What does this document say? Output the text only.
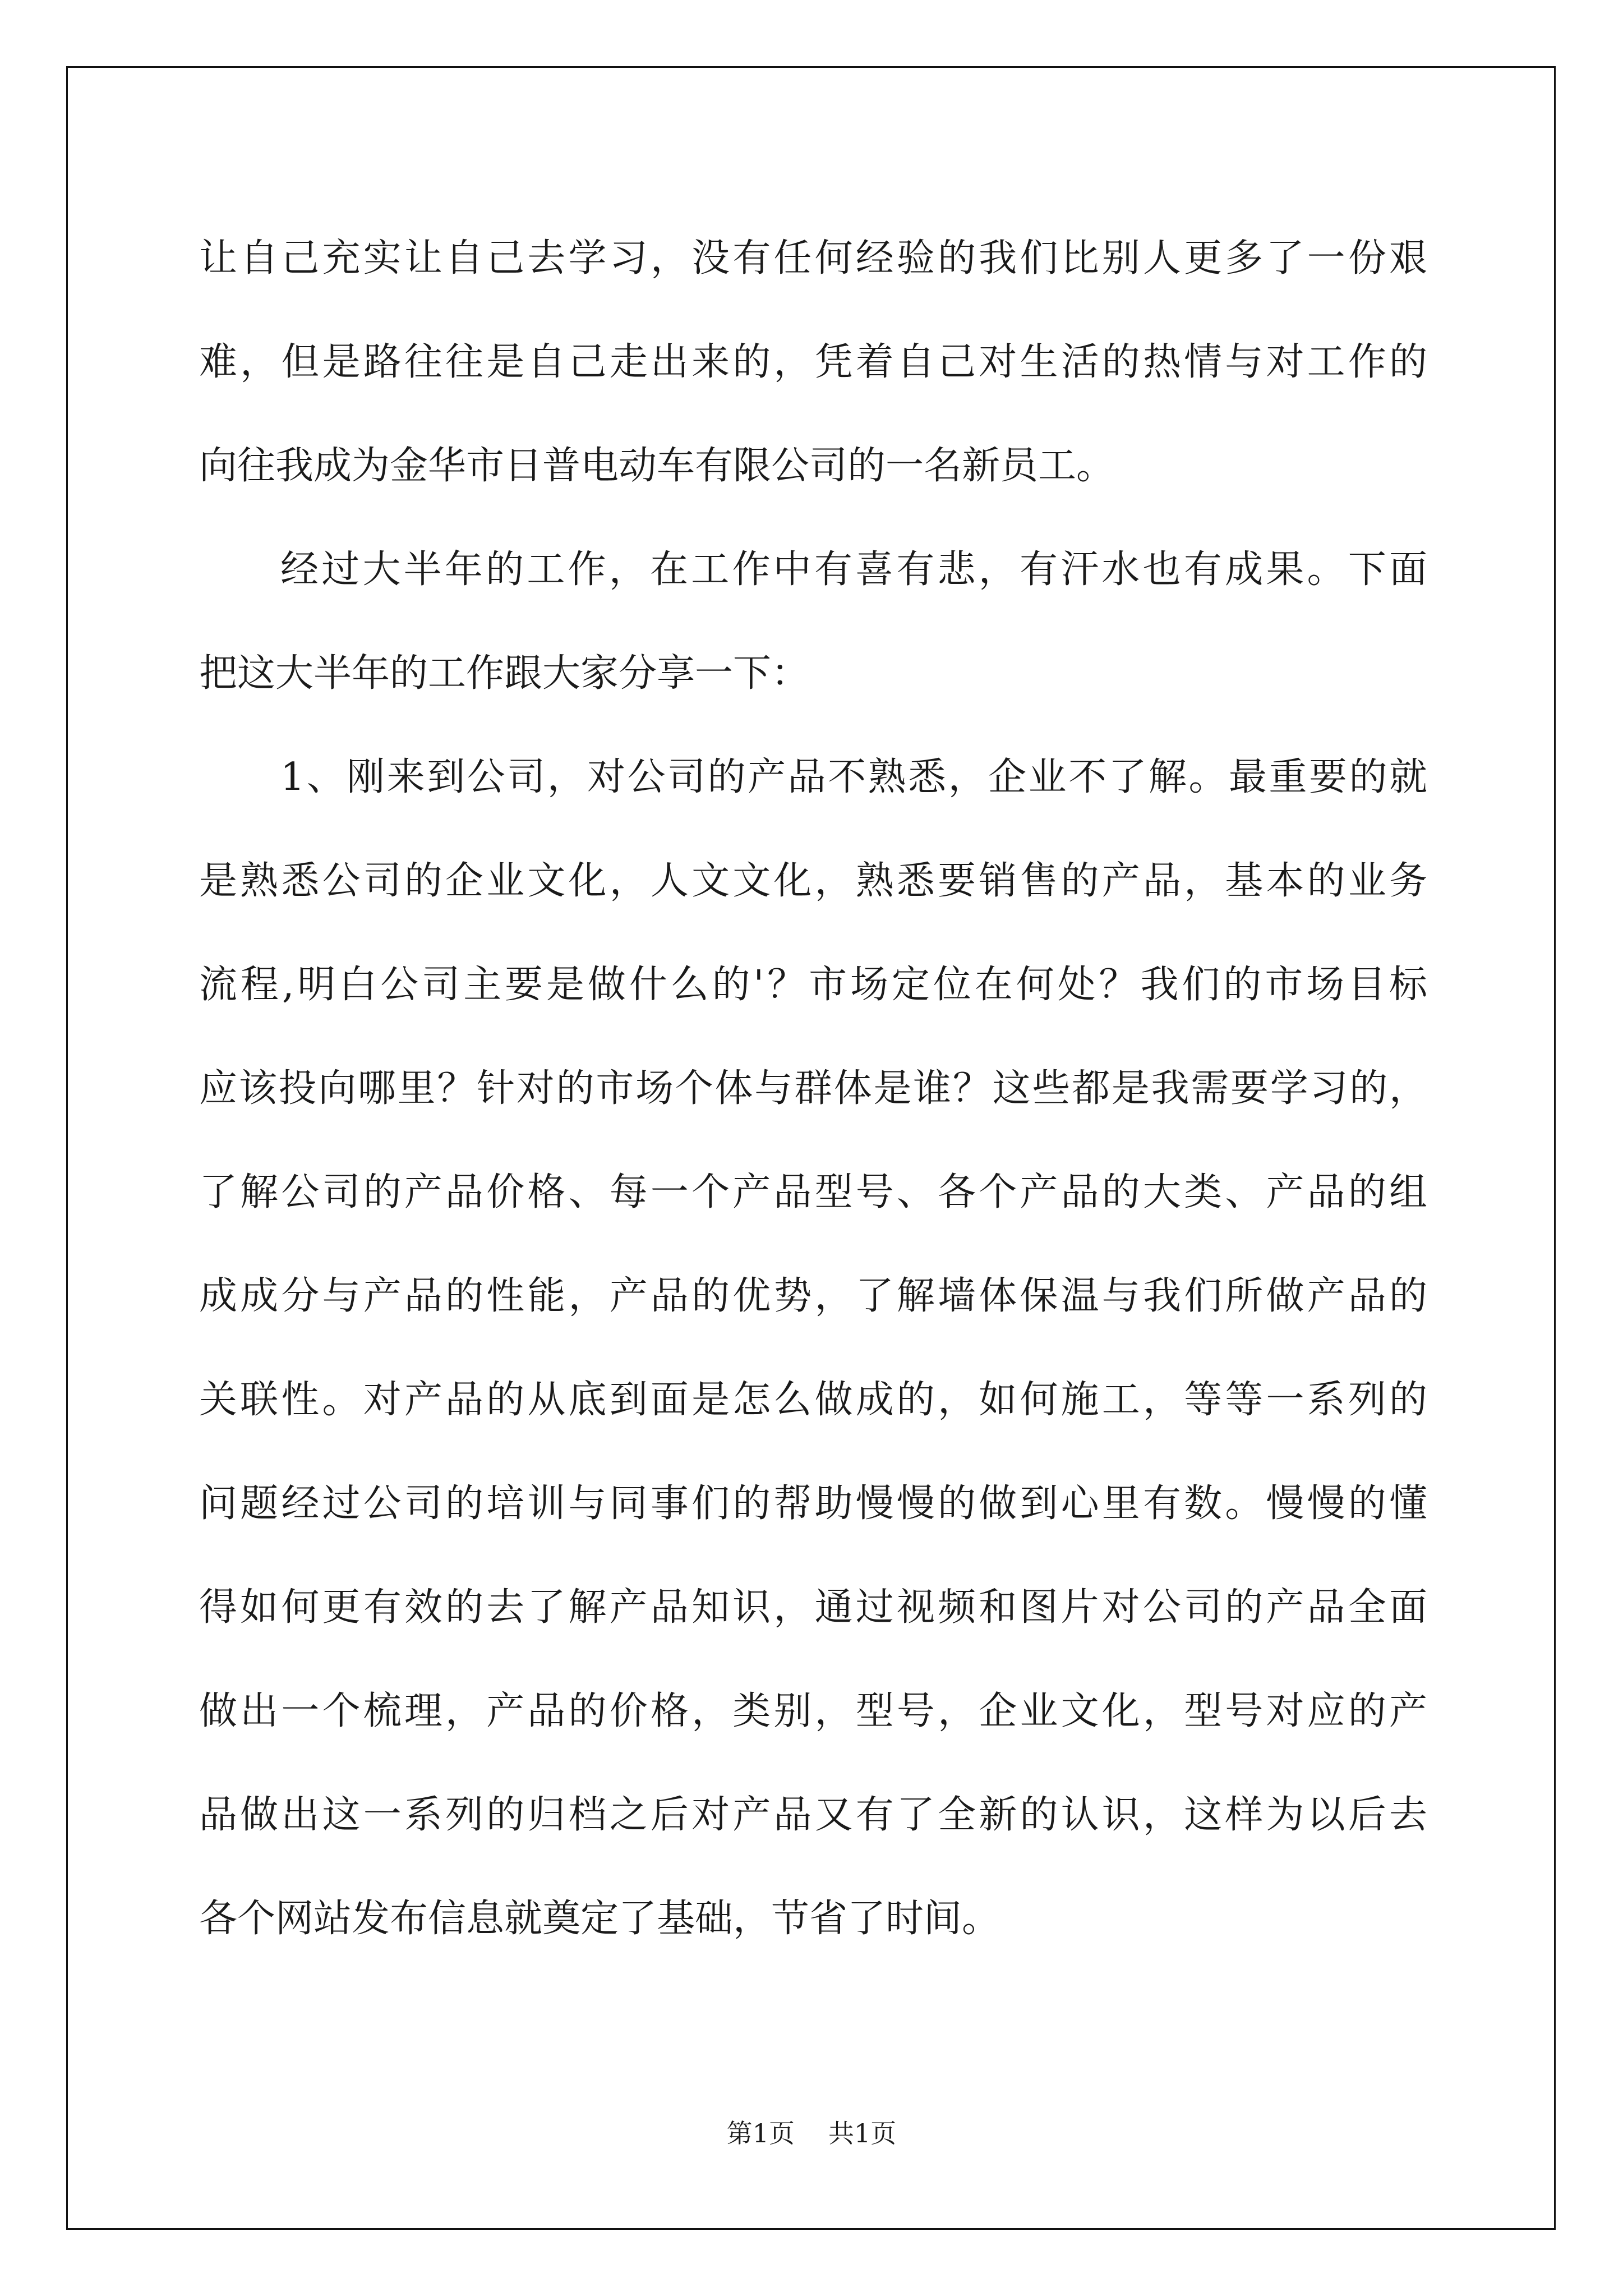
让自己充实让自己去学习，没有任何经验的我们比别人更多了一份艰
难，但是路往往是自己走出来的，凭着自己对生活的热情与对工作的
向往我成为金华市日普电动车有限公司的一名新员工。
经过大半年的工作，在工作中有喜有悲，有汗水也有成果。下面
把这大半年的工作跟大家分享一下：
1、刚来到公司，对公司的产品不熟悉，企业不了解。最重要的就
是熟悉公司的企业文化，人文文化，熟悉要销售的产品，基本的业务
流程,明白公司主要是做什么的'？市场定位在何处？我们的市场目标
应该投向哪里？针对的市场个体与群体是谁？这些都是我需要学习的，
了解公司的产品价格、每一个产品型号、各个产品的大类、产品的组
成成分与产品的性能，产品的优势，了解墙体保温与我们所做产品的
关联性。对产品的从底到面是怎么做成的，如何施工，等等一系列的
问题经过公司的培训与同事们的帮助慢慢的做到心里有数。慢慢的懂
得如何更有效的去了解产品知识，通过视频和图片对公司的产品全面
做出一个梳理，产品的价格，类别，型号，企业文化，型号对应的产
品做出这一系列的归档之后对产品又有了全新的认识，这样为以后去
各个网站发布信息就奠定了基础，节省了时间。
第1页 共1页
